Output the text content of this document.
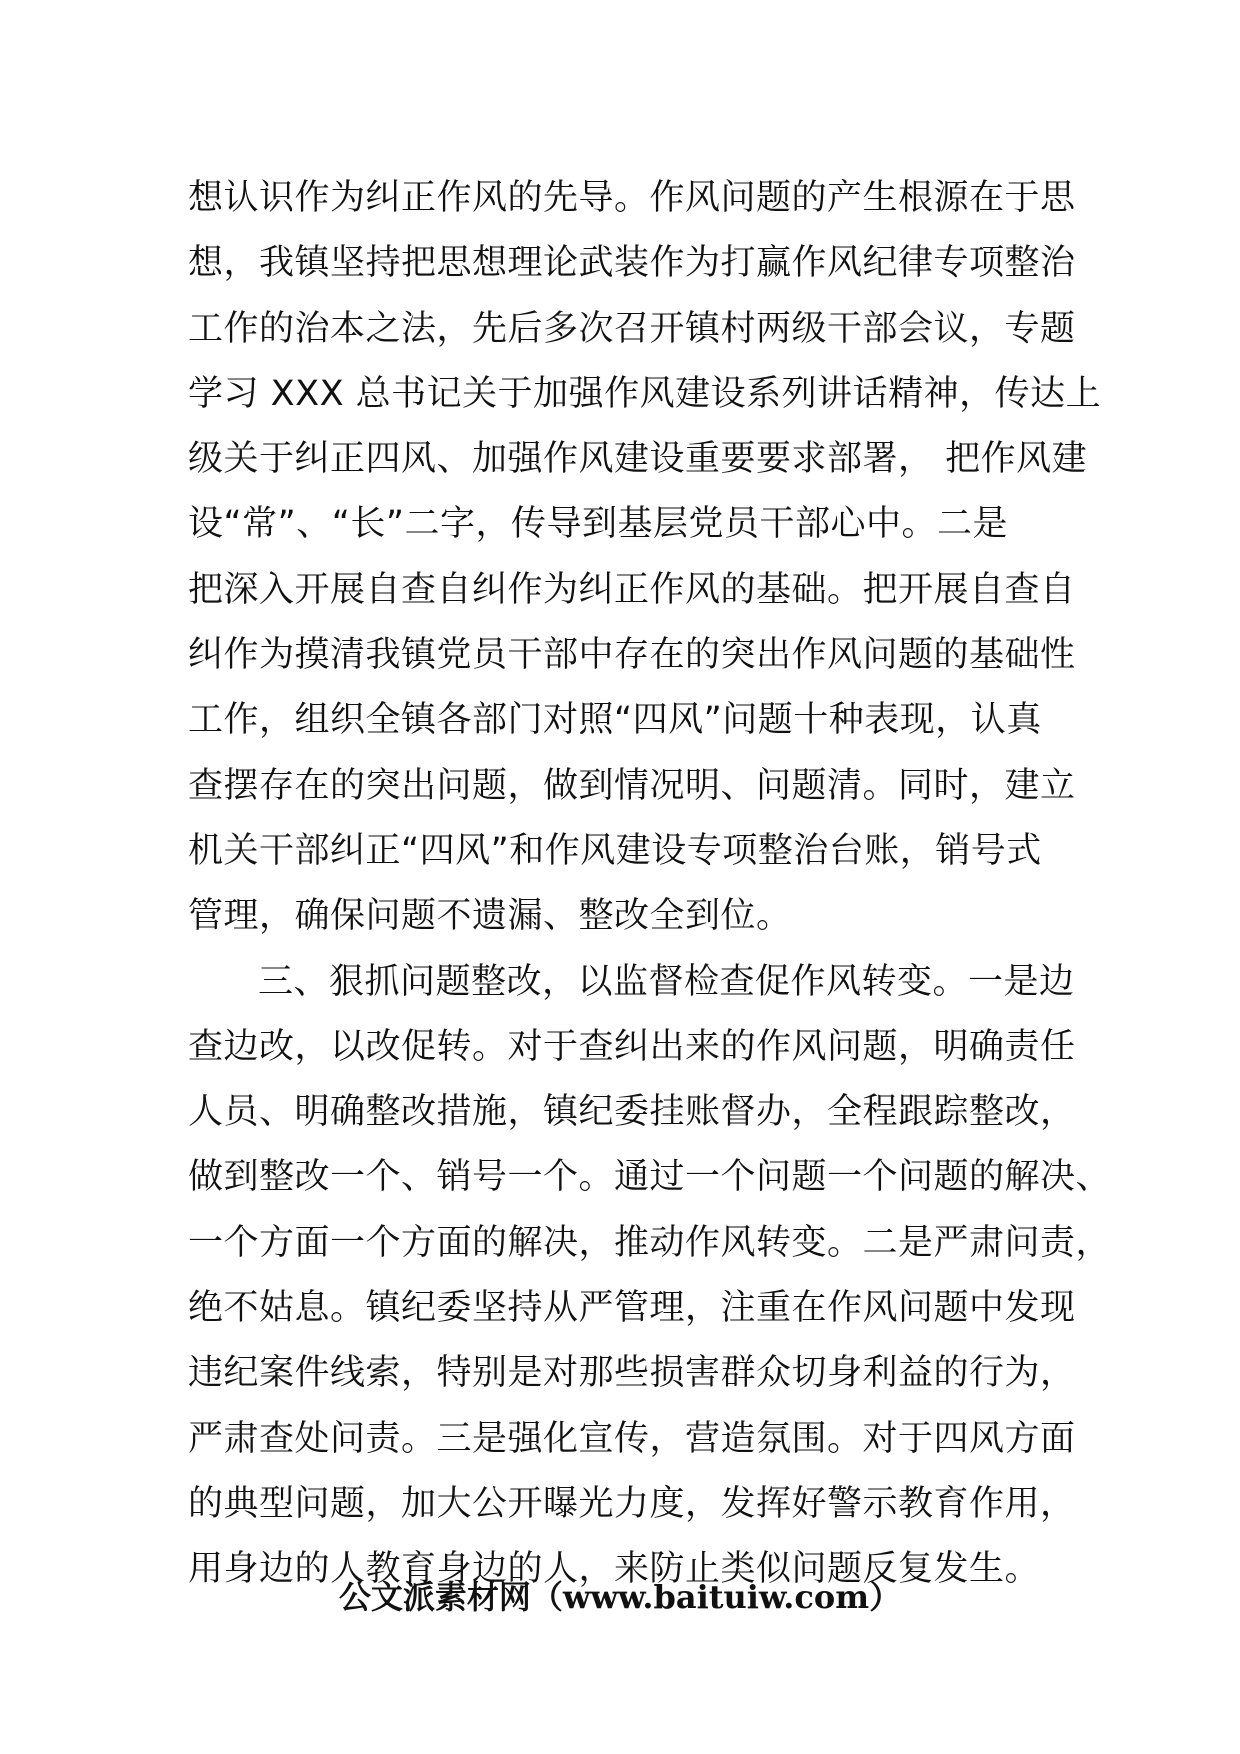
想认识作为纠正作风的先导。作风问题的产生根源在于思
想，我镇坚持把思想理论武装作为打赢作风纪律专项整治
工作的治本之法，先后多次召开镇村两级干部会议，专题
学习 XXX 总书记关于加强作风建设系列讲话精神，传达上
级关于纠正四风、加强作风建设重要要求部署， 把作风建
设“常”、“长”二字，传导到基层党员干部心中。二是
把深入开展自查自纠作为纠正作风的基础。把开展自查自
纠作为摸清我镇党员干部中存在的突出作风问题的基础性
工作，组织全镇各部门对照“四风”问题十种表现，认真
查摆存在的突出问题，做到情况明、问题清。同时，建立
机关干部纠正“四风”和作风建设专项整治台账，销号式
管理，确保问题不遗漏、整改全到位。
三、狠抓问题整改，以监督检查促作风转变。一是边
查边改，以改促转。对于查纠出来的作风问题，明确责任
人员、明确整改措施，镇纪委挂账督办，全程跟踪整改，
做到整改一个、销号一个。通过一个问题一个问题的解决、
一个方面一个方面的解决，推动作风转变。二是严肃问责，
绝不姑息。镇纪委坚持从严管理，注重在作风问题中发现
违纪案件线索，特别是对那些损害群众切身利益的行为，
严肃查处问责。三是强化宣传，营造氛围。对于四风方面
的典型问题，加大公开曝光力度，发挥好警示教育作用，
用身边的人教育身边的人，来防止类似问题反复发生。
公文派素材网（www.baituiw.com）
